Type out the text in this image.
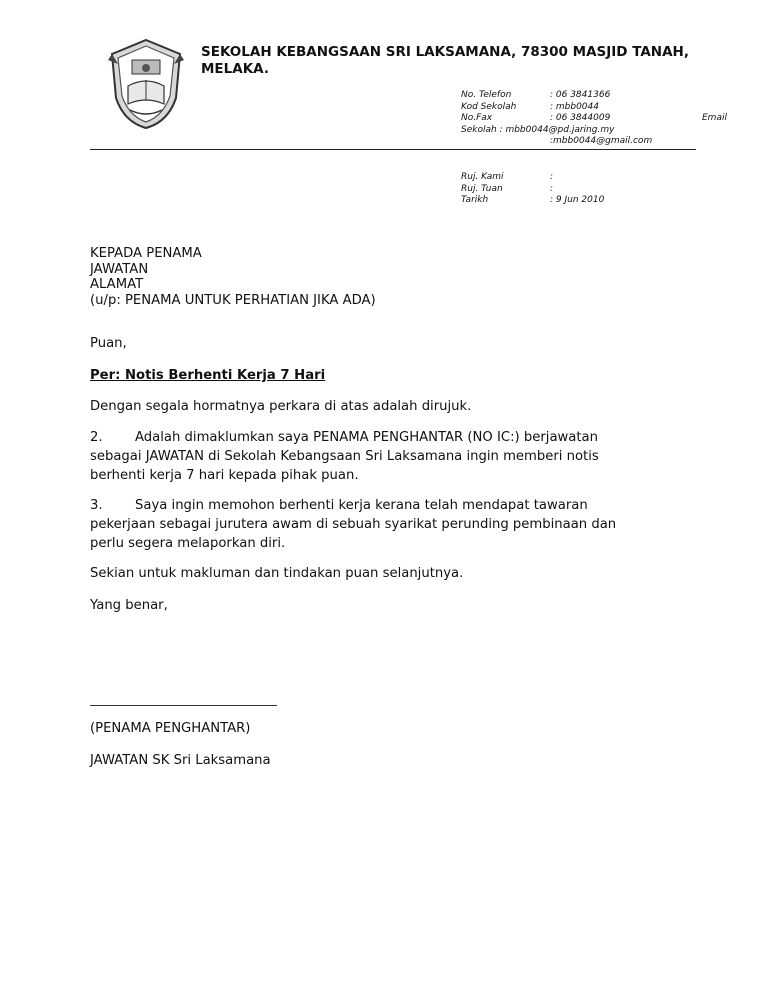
SEKOLAH KEBANGSAAN SRI LAKSAMANA, 78300 MASJID TANAH,
MELAKA.
No. Telefon	: 06 3841366
Kod Sekolah	: mbb0044
No.Fax	: 06 3844009
Sekolah : mbb0044@pd.jaring.my
:mbb0044@gmail.com
Email
Ruj. Kami	:
Ruj. Tuan	:
Tarikh	: 9 Jun 2010
KEPADA PENAMA
JAWATAN
ALAMAT
(u/p: PENAMA UNTUK PERHATIAN JIKA ADA)
Puan,
Per: Notis Berhenti Kerja 7 Hari
Dengan segala hormatnya perkara di atas adalah dirujuk.
2. Adalah dimaklumkan saya PENAMA PENGHANTAR (NO IC:) berjawatan
sebagai JAWATAN di Sekolah Kebangsaan Sri Laksamana ingin memberi notis
berhenti kerja 7 hari kepada pihak puan.
3. Saya ingin memohon berhenti kerja kerana telah mendapat tawaran
pekerjaan sebagai jurutera awam di sebuah syarikat perunding pembinaan dan
perlu segera melaporkan diri.
Sekian untuk makluman dan tindakan puan selanjutnya.
Yang benar,
(PENAMA PENGHANTAR)
JAWATAN SK Sri Laksamana
